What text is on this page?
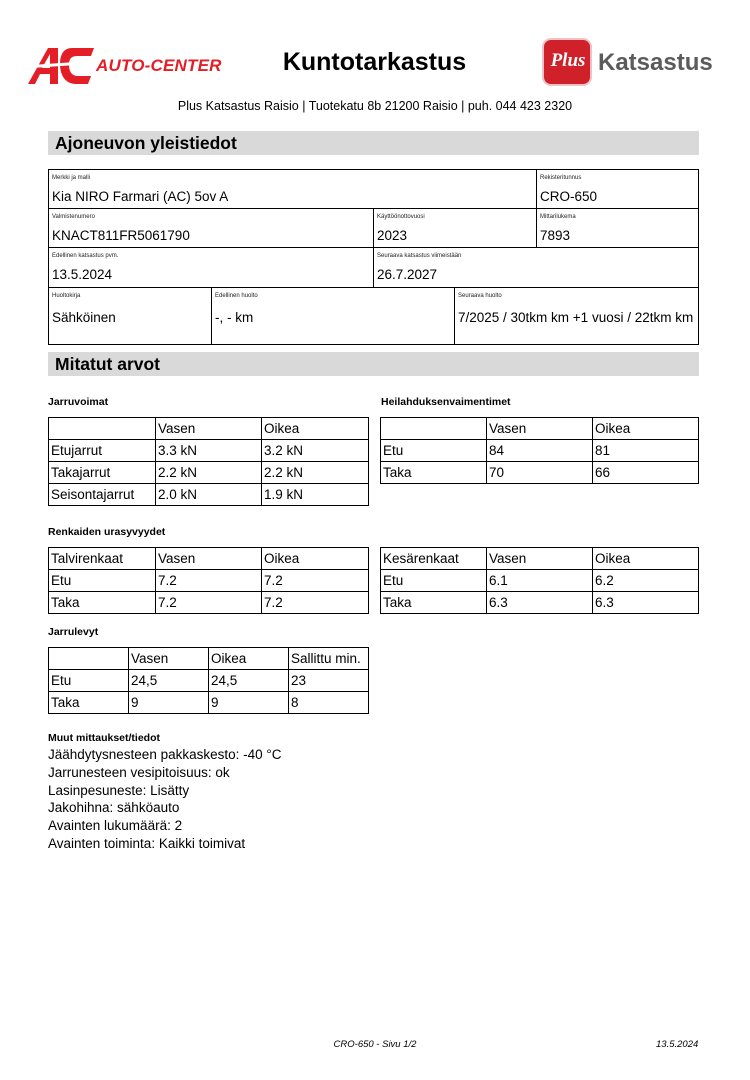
AUTO-CENTER	Kuntotarkastus	Plus Katsastus
Plus Katsastus Raisio | Tuotekatu 8b 21200 Raisio | puh. 044 423 2320
Ajoneuvon yleistiedot
Merkki ja malli
Kia NIRO Farmari (AC) 5ov A
Rekisteritunnus
CRO-650
Valmistenumero
KNACT811FR5061790
Käyttöönottovuosi
2023
Mittarilukema
7893
Edellinen katsastus pvm.
13.5.2024
Seuraava katsastus viimeistään
26.7.2027
Huoltokirja
Sähköinen
Edellinen huolto
-, - km
Seuraava huolto
7/2025 / 30tkm km +1 vuosi / 22tkm km
Mitatut arvot
Jarruvoimat
	Vasen	Oikea
Etujarrut	3.3 kN	3.2 kN
Takajarrut	2.2 kN	2.2 kN
Seisontajarrut	2.0 kN	1.9 kN
Heilahduksenvaimentimet
	Vasen	Oikea
Etu	84	81
Taka	70	66
Renkaiden urasyvyydet
Talvirenkaat	Vasen	Oikea
Etu	7.2	7.2
Taka	7.2	7.2
Kesärenkaat	Vasen	Oikea
Etu	6.1	6.2
Taka	6.3	6.3
Jarrulevyt
	Vasen	Oikea	Sallittu min.
Etu	24,5	24,5	23
Taka	9	9	8
Muut mittaukset/tiedot
Jäähdytysnesteen pakkaskesto: -40 °C
Jarrunesteen vesipitoisuus: ok
Lasinpesuneste: Lisätty
Jakohihna: sähköauto
Avainten lukumäärä: 2
Avainten toiminta: Kaikki toimivat
CRO-650 - Sivu 1/2	13.5.2024
